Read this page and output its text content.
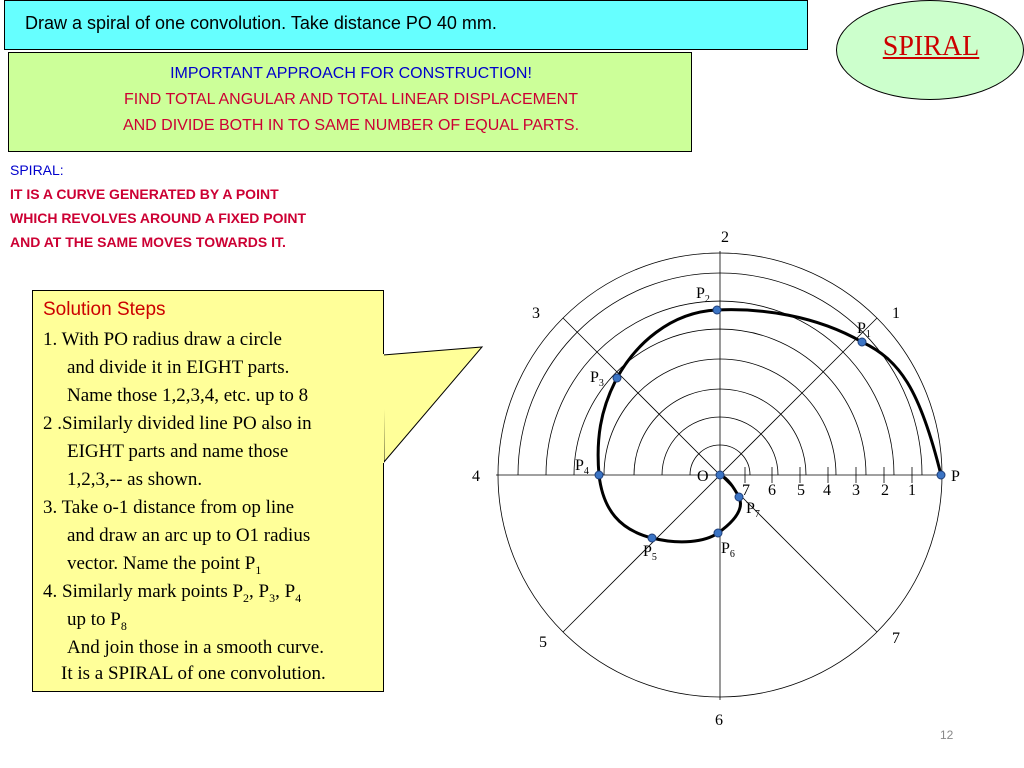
Draw a spiral of one convolution. Take distance PO 40 mm.
SPIRAL
IMPORTANT APPROACH FOR CONSTRUCTION!
FIND TOTAL ANGULAR AND TOTAL LINEAR DISPLACEMENT
AND DIVIDE BOTH IN TO SAME NUMBER OF EQUAL PARTS.
SPIRAL:
IT IS A CURVE GENERATED BY A POINT
WHICH REVOLVES AROUND A FIXED POINT
AND AT THE SAME MOVES TOWARDS IT.
Solution Steps
1. With PO radius draw a circle
and divide it in EIGHT parts.
Name those 1,2,3,4, etc. up to 8
2 .Similarly divided line PO also in
EIGHT parts and name those
1,2,3,-- as shown.
3. Take o-1 distance from op line
and draw an arc up to O1 radius
vector. Name the point $P_1$
4. Similarly mark points $P_2$, $P_3$, $P_4$
up to $P_8$
And join those in a smooth curve.
It is a SPIRAL of one convolution.
1
2
3
4
5
6
7
1
2
3
4
5
6
7
O	P
$P_1$
$P_2$
$P_3$
$P_4$
$P_5$
$P_6$
$P_7$
12
